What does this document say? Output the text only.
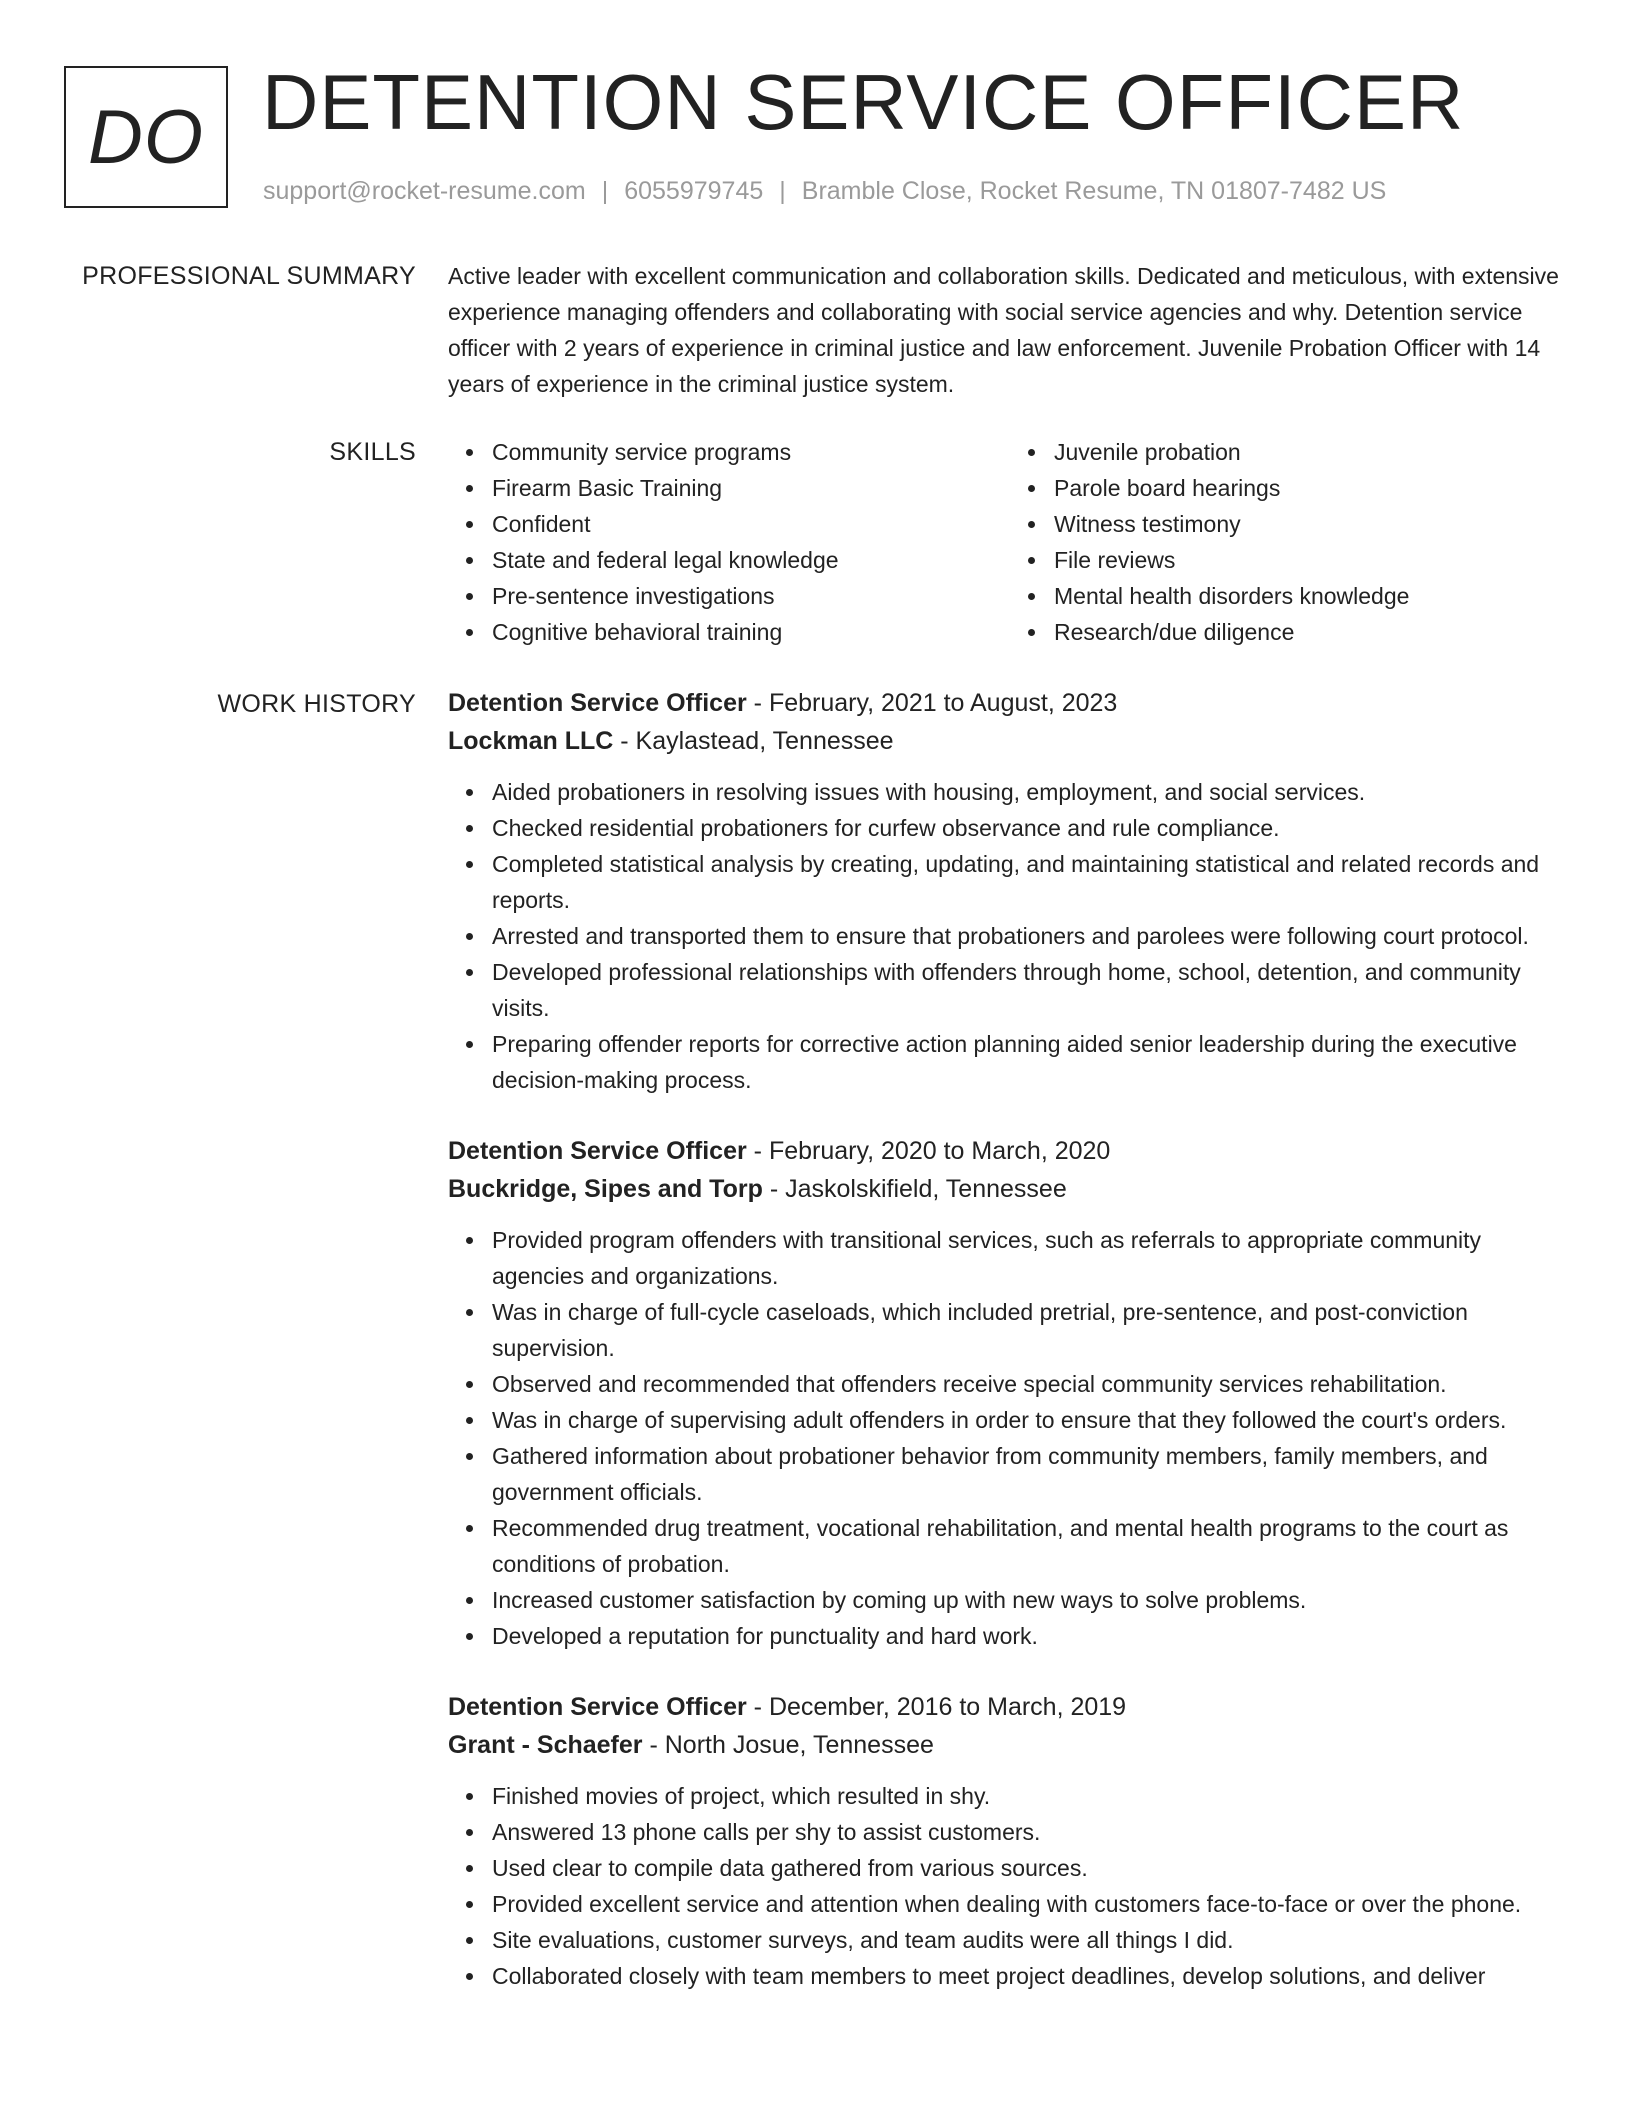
DO DETENTION SERVICE OFFICER
support@rocket-resume.com | 6055979745 | Bramble Close, Rocket Resume, TN 01807-7482 US
PROFESSIONAL SUMMARY Active leader with excellent communication and collaboration skills. Dedicated and meticulous, with extensive experience managing offenders and collaborating with social service agencies and why. Detention service officer with 2 years of experience in criminal justice and law enforcement. Juvenile Probation Officer with 14 years of experience in the criminal justice system.

SKILLS	Community service programs
Firearm Basic Training
Confident
State and federal legal knowledge
Pre-sentence investigations
Cognitive behavioral training
Juvenile probation
Parole board hearings
Witness testimony
File reviews
Mental health disorders knowledge
Research/due diligence
WORK HISTORY Detention Service Officer - February, 2021 to August, 2023
Lockman LLC - Kaylastead, Tennessee
Aided probationers in resolving issues with housing, employment, and social services.
Checked residential probationers for curfew observance and rule compliance.
Completed statistical analysis by creating, updating, and maintaining statistical and related records and reports.
Arrested and transported them to ensure that probationers and parolees were following court protocol.
Developed professional relationships with offenders through home, school, detention, and community visits.
Preparing offender reports for corrective action planning aided senior leadership during the executive decision-making process.
Detention Service Officer - February, 2020 to March, 2020
Buckridge, Sipes and Torp - Jaskolskifield, Tennessee
Provided program offenders with transitional services, such as referrals to appropriate community agencies and organizations.
Was in charge of full-cycle caseloads, which included pretrial, pre-sentence, and post-conviction supervision.
Observed and recommended that offenders receive special community services rehabilitation.
Was in charge of supervising adult offenders in order to ensure that they followed the court's orders.
Gathered information about probationer behavior from community members, family members, and government officials.
Recommended drug treatment, vocational rehabilitation, and mental health programs to the court as conditions of probation.
Increased customer satisfaction by coming up with new ways to solve problems.
Developed a reputation for punctuality and hard work.
Detention Service Officer - December, 2016 to March, 2019
Grant - Schaefer - North Josue, Tennessee
Finished movies of project, which resulted in shy.
Answered 13 phone calls per shy to assist customers.
Used clear to compile data gathered from various sources.
Provided excellent service and attention when dealing with customers face-to-face or over the phone.
Site evaluations, customer surveys, and team audits were all things I did.
Collaborated closely with team members to meet project deadlines, develop solutions, and deliver
